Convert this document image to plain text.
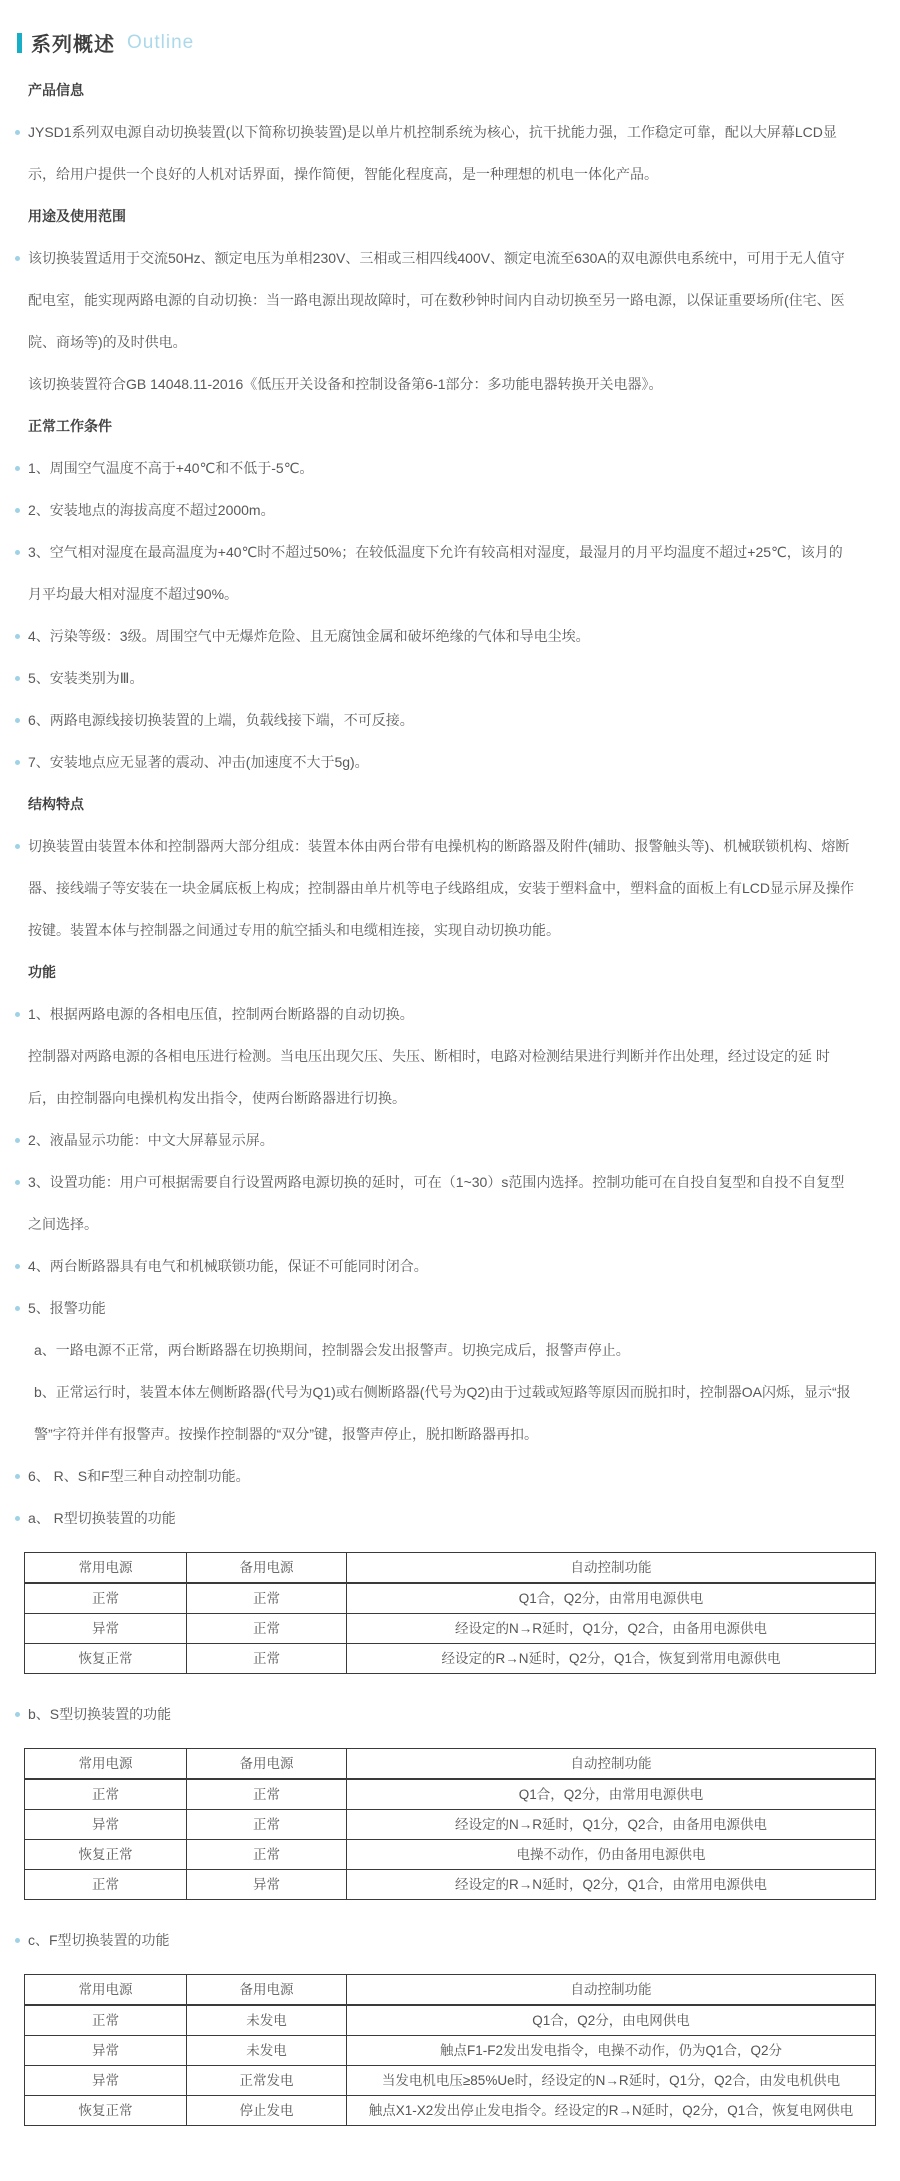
系列概述 Outline
产品信息
JYSD1系列双电源自动切换装置(以下简称切换装置)是以单片机控制系统为核心，抗干扰能力强，工作稳定可靠，配以大屏幕LCD显示，给用户提供一个良好的人机对话界面，操作简便，智能化程度高，是一种理想的机电一体化产品。
用途及使用范围
该切换装置适用于交流50Hz、额定电压为单相230V、三相或三相四线400V、额定电流至630A的双电源供电系统中，可用于无人值守配电室，能实现两路电源的自动切换：当一路电源出现故障时，可在数秒钟时间内自动切换至另一路电源，以保证重要场所(住宅、医院、商场等)的及时供电。
该切换装置符合GB 14048.11-2016《低压开关设备和控制设备第6-1部分：多功能电器转换开关电器》。
正常工作条件
1、周围空气温度不高于+40℃和不低于-5℃。
2、安装地点的海拔高度不超过2000m。
3、空气相对湿度在最高温度为+40℃时不超过50%；在较低温度下允许有较高相对湿度，最湿月的月平均温度不超过+25℃，该月的月平均最大相对湿度不超过90%。
4、污染等级：3级。周围空气中无爆炸危险、且无腐蚀金属和破坏绝缘的气体和导电尘埃。
5、安装类别为Ⅲ。
6、两路电源线接切换装置的上端，负载线接下端，不可反接。
7、安装地点应无显著的震动、冲击(加速度不大于5g)。
结构特点
切换装置由装置本体和控制器两大部分组成：装置本体由两台带有电操机构的断路器及附件(辅助、报警触头等)、机械联锁机构、熔断器、接线端子等安装在一块金属底板上构成；控制器由单片机等电子线路组成，安装于塑料盒中，塑料盒的面板上有LCD显示屏及操作按键。装置本体与控制器之间通过专用的航空插头和电缆相连接，实现自动切换功能。
功能
1、根据两路电源的各相电压值，控制两台断路器的自动切换。
控制器对两路电源的各相电压进行检测。当电压出现欠压、失压、断相时，电路对检测结果进行判断并作出处理，经过设定的延 时后，由控制器向电操机构发出指令，使两台断路器进行切换。
2、液晶显示功能：中文大屏幕显示屏。
3、设置功能：用户可根据需要自行设置两路电源切换的延时，可在（1~30）s范围内选择。控制功能可在自投自复型和自投不自复型之间选择。
4、两台断路器具有电气和机械联锁功能，保证不可能同时闭合。
5、报警功能
a、一路电源不正常，两台断路器在切换期间，控制器会发出报警声。切换完成后，报警声停止。
b、正常运行时，装置本体左侧断路器(代号为Q1)或右侧断路器(代号为Q2)由于过载或短路等原因而脱扣时，控制器OA闪烁，显示“报警”字符并伴有报警声。按操作控制器的“双分”键，报警声停止，脱扣断路器再扣。
6、 R、S和F型三种自动控制功能。
a、 R型切换装置的功能
常用电源	备用电源	自动控制功能
正常	正常	Q1合，Q2分，由常用电源供电
异常	正常	经设定的N→R延时，Q1分，Q2合，由备用电源供电
恢复正常	正常	经设定的R→N延时，Q2分，Q1合，恢复到常用电源供电
b、S型切换装置的功能
常用电源	备用电源	自动控制功能
正常	正常	Q1合，Q2分，由常用电源供电
异常	正常	经设定的N→R延时，Q1分，Q2合，由备用电源供电
恢复正常	正常	电操不动作，仍由备用电源供电
正常	异常	经设定的R→N延时，Q2分，Q1合，由常用电源供电
c、F型切换装置的功能
常用电源	备用电源	自动控制功能
正常	未发电	Q1合，Q2分，由电网供电
异常	未发电	触点F1-F2发出发电指令，电操不动作，仍为Q1合，Q2分
异常	正常发电	当发电机电压≥85%Ue时，经设定的N→R延时，Q1分，Q2合，由发电机供电
恢复正常	停止发电	触点X1-X2发出停止发电指令。经设定的R→N延时，Q2分，Q1合，恢复电网供电
